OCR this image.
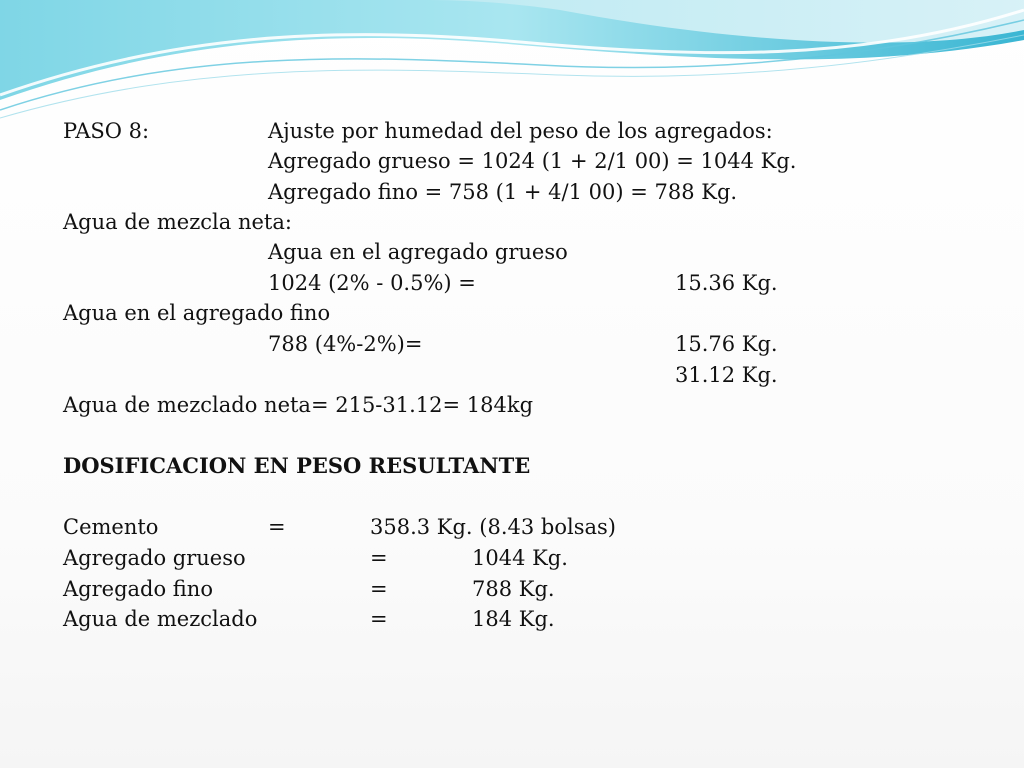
PASO 8:	Ajuste por humedad del peso de los agregados:
Agregado grueso = 1024 (1 + 2/1 00) = 1044 Kg.
Agregado fino = 758 (1 + 4/1 00) = 788 Kg.
Agua de mezcla neta:
Agua en el agregado grueso
1024 (2% - 0.5%) =	15.36 Kg.
Agua en el agregado fino
788 (4%-2%)=	15.76 Kg.
31.12 Kg.
Agua de mezclado neta= 215-31.12= 184kg
DOSIFICACION EN PESO RESULTANTE
Cemento	=	358.3 Kg. (8.43 bolsas)
Agregado grueso	=	1044 Kg.
Agregado fino	=	788 Kg.
Agua de mezclado	=	184 Kg.
